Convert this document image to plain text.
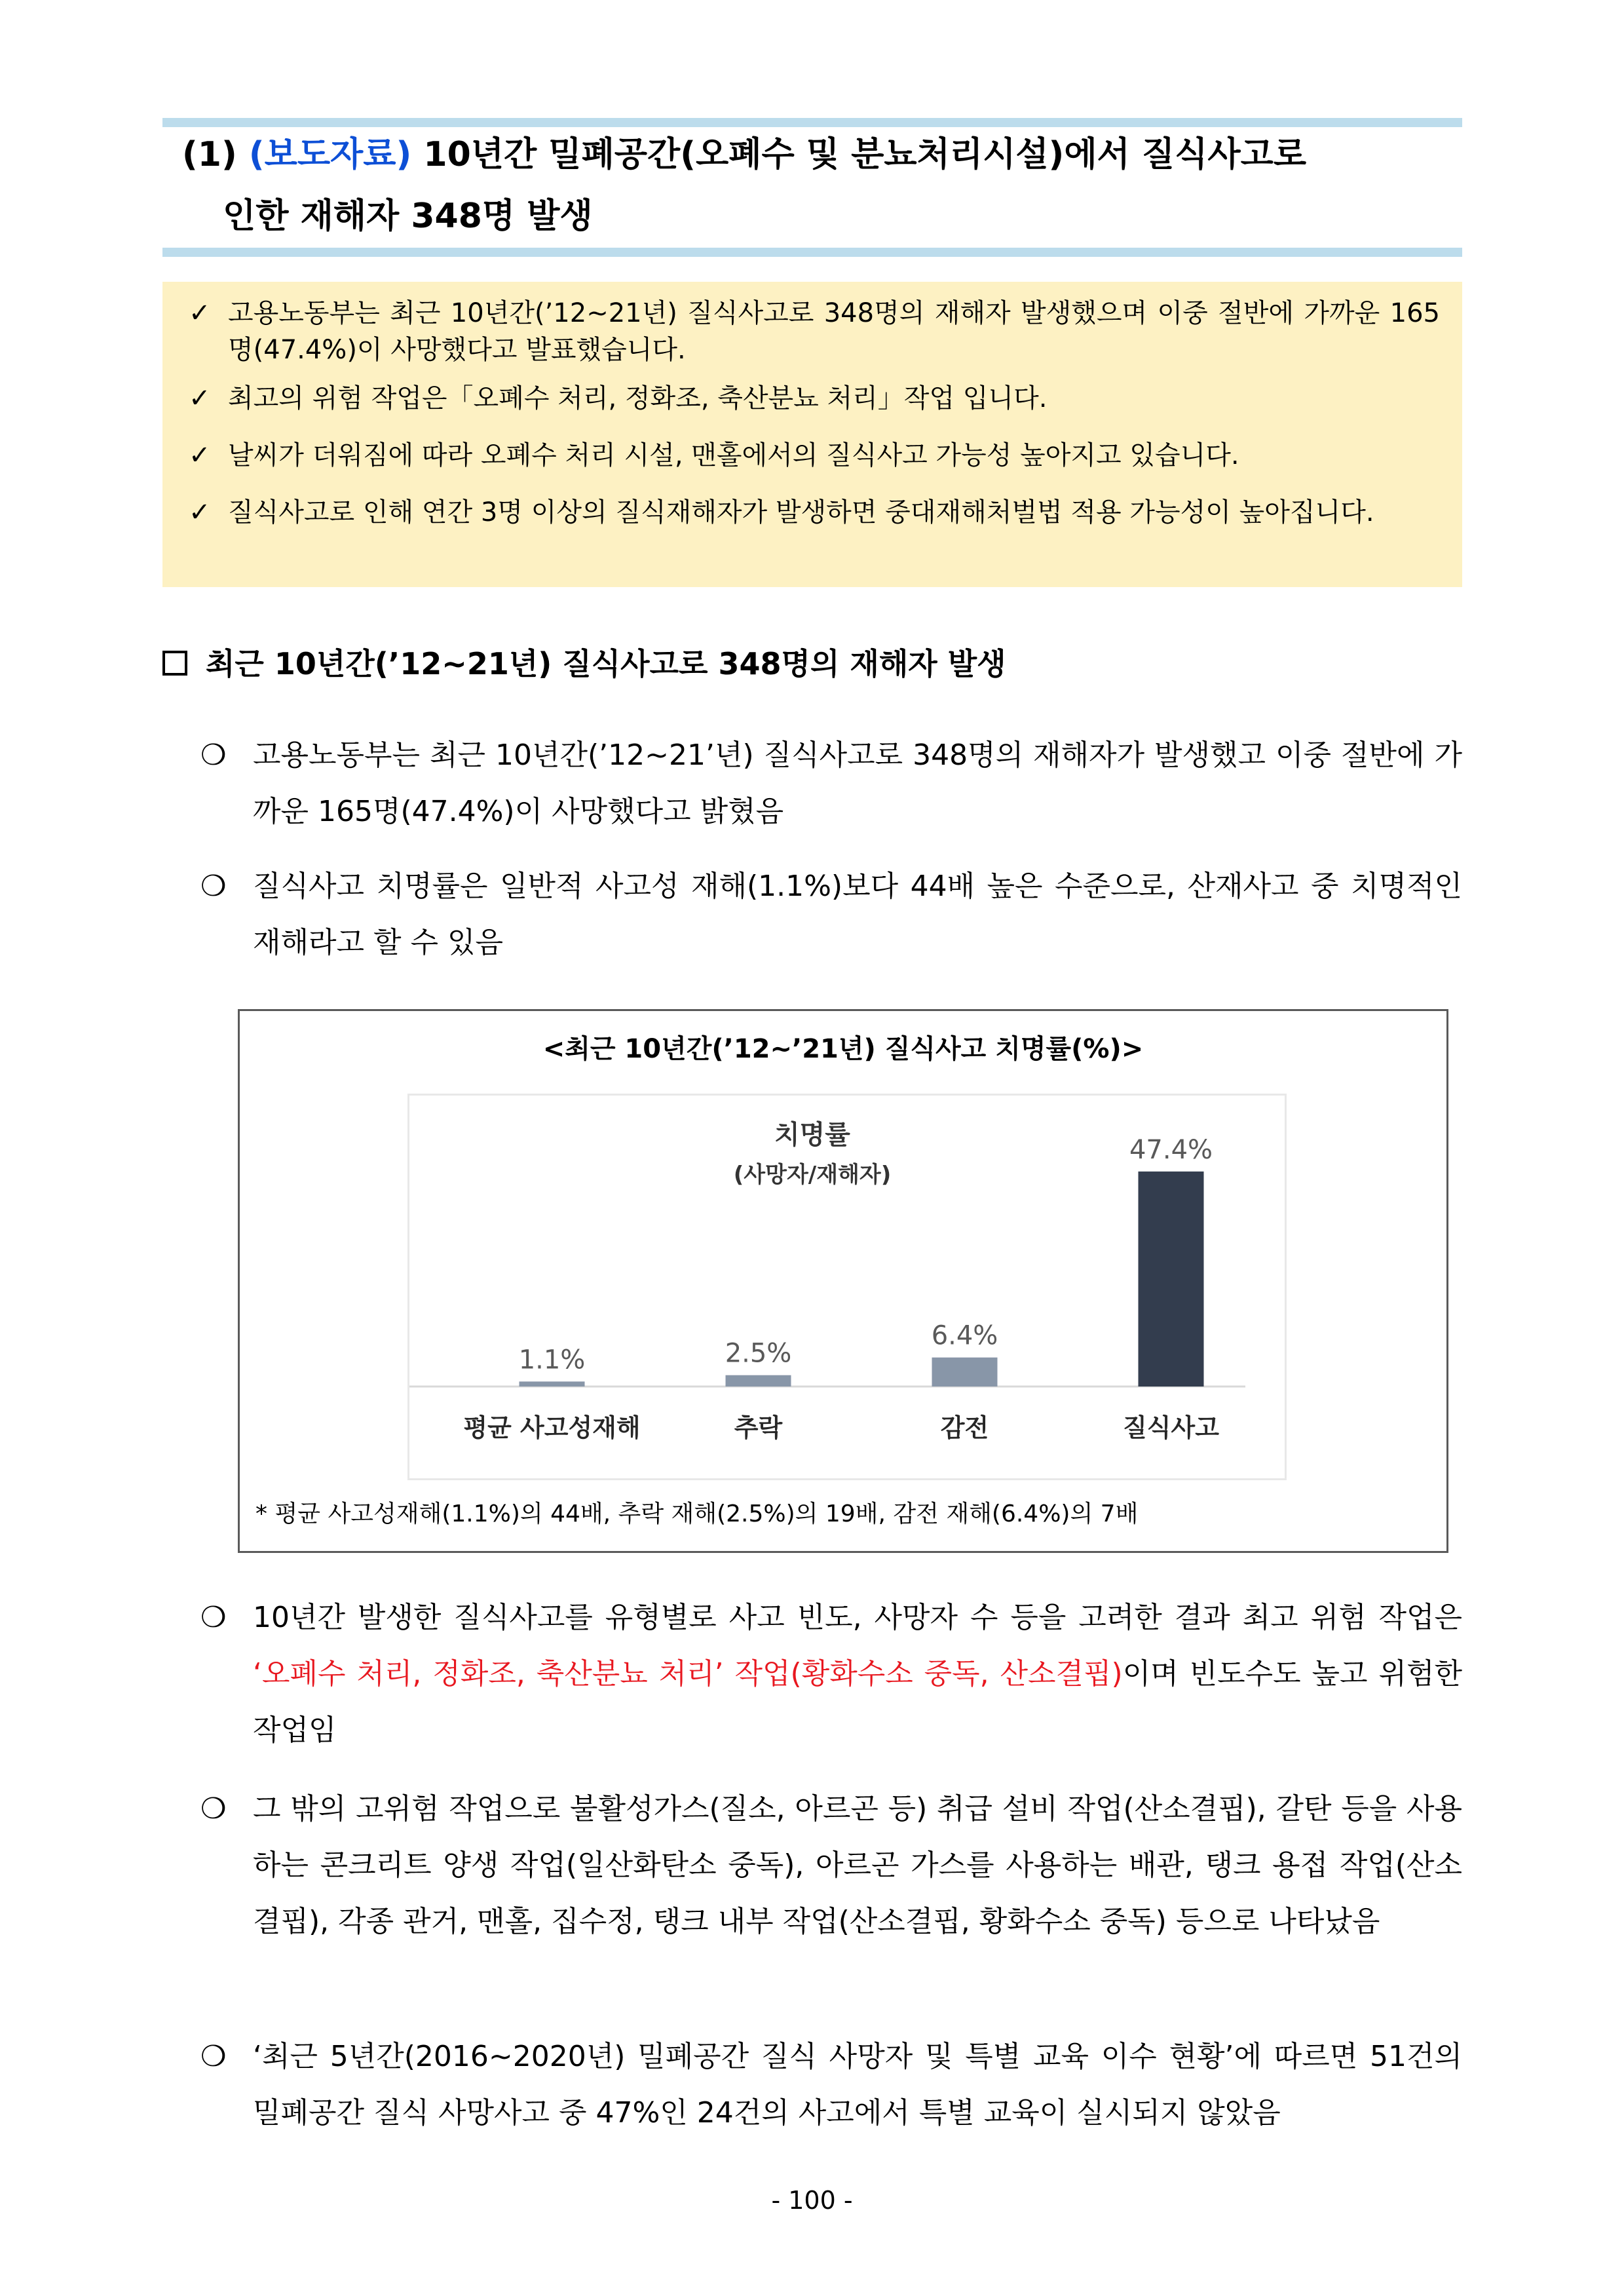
(1) (보도자료) 10년간 밀폐공간(오폐수 및 분뇨처리시설)에서 질식사고로
인한 재해자 348명 발생
✓ 고용노동부는 최근 10년간(’12~21년) 질식사고로 348명의 재해자 발생했으며 이중 절반에 가까운 165명(47.4%)이 사망했다고 발표했습니다.
✓ 최고의 위험 작업은「오폐수 처리, 정화조, 축산분뇨 처리」작업 입니다.
✓ 날씨가 더워짐에 따라 오폐수 처리 시설, 맨홀에서의 질식사고 가능성 높아지고 있습니다.
✓ 질식사고로 인해 연간 3명 이상의 질식재해자가 발생하면 중대재해처벌법 적용 가능성이 높아집니다.
최근 10년간(’12~21년) 질식사고로 348명의 재해자 발생
❍ 고용노동부는 최근 10년간(’12~21’년) 질식사고로 348명의 재해자가 발생했고 이중 절반에 가까운 165명(47.4%)이 사망했다고 밝혔음
❍ 질식사고 치명률은 일반적 사고성 재해(1.1%)보다 44배 높은 수준으로, 산재사고 중 치명적인 재해라고 할 수 있음
<최근 10년간(’12~’21년) 질식사고 치명률(%)>
치명률
(사망자/재해자)
1.1%
평균 사고성재해
2.5%
추락
6.4%
감전
47.4%
질식사고
* 평균 사고성재해(1.1%)의 44배, 추락 재해(2.5%)의 19배, 감전 재해(6.4%)의 7배
❍ 10년간 발생한 질식사고를 유형별로 사고 빈도, 사망자 수 등을 고려한 결과 최고 위험 작업은 ‘오폐수 처리, 정화조, 축산분뇨 처리’ 작업(황화수소 중독, 산소결핍)이며 빈도수도 높고 위험한 작업임
❍ 그 밖의 고위험 작업으로 불활성가스(질소, 아르곤 등) 취급 설비 작업(산소결핍), 갈탄 등을 사용하는 콘크리트 양생 작업(일산화탄소 중독), 아르곤 가스를 사용하는 배관, 탱크 용접 작업(산소결핍), 각종 관거, 맨홀, 집수정, 탱크 내부 작업(산소결핍, 황화수소 중독) 등으로 나타났음
❍ ‘최근 5년간(2016~2020년) 밀폐공간 질식 사망자 및 특별 교육 이수 현황’에 따르면 51건의 밀폐공간 질식 사망사고 중 47%인 24건의 사고에서 특별 교육이 실시되지 않았음
- 100 -
